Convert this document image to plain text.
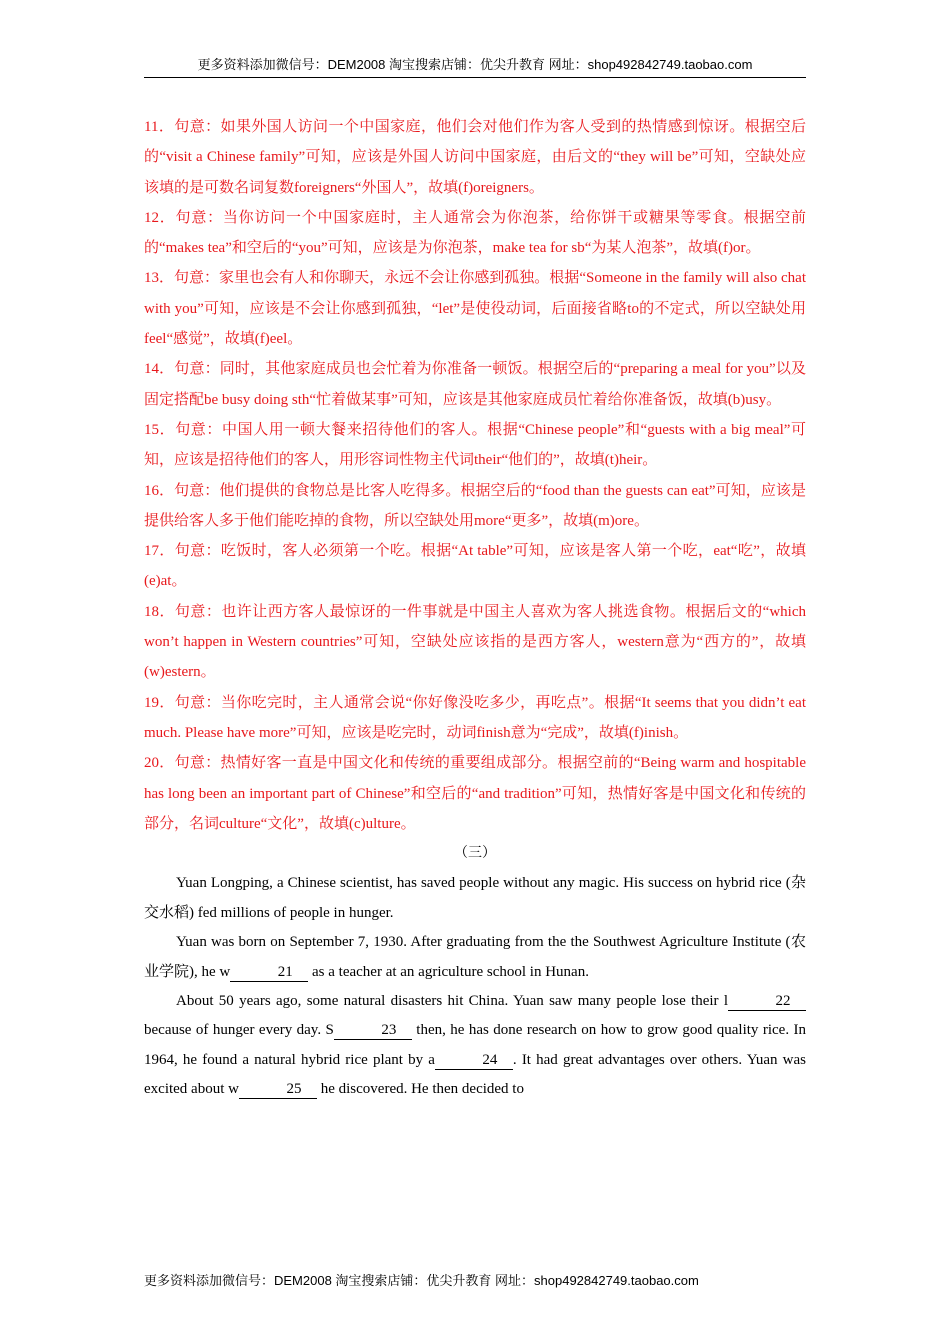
更多资料添加微信号：DEM2008 淘宝搜索店铺：优尖升教育 网址：shop492842749.taobao.com

11．句意：如果外国人访问一个中国家庭，他们会对他们作为客人受到的热情感到惊讶。根据空后的“visit a Chinese family”可知，应该是外国人访问中国家庭，由后文的“they will be”可知，空缺处应该填的是可数名词复数foreigners“外国人”，故填(f)oreigners。

12．句意：当你访问一个中国家庭时，主人通常会为你泡茶，给你饼干或糖果等零食。根据空前的“makes tea”和空后的“you”可知，应该是为你泡茶，make tea for sb“为某人泡茶”，故填(f)or。

13．句意：家里也会有人和你聊天，永远不会让你感到孤独。根据“Someone in the family will also chat with you”可知，应该是不会让你感到孤独，“let”是使役动词，后面接省略to的不定式，所以空缺处用feel“感觉”，故填(f)eel。

14．句意：同时，其他家庭成员也会忙着为你准备一顿饭。根据空后的“preparing a meal for you”以及固定搭配be busy doing sth“忙着做某事”可知，应该是其他家庭成员忙着给你准备饭，故填(b)usy。

15．句意：中国人用一顿大餐来招待他们的客人。根据“Chinese people”和“guests with a big meal”可知，应该是招待他们的客人，用形容词性物主代词their“他们的”，故填(t)heir。

16．句意：他们提供的食物总是比客人吃得多。根据空后的“food than the guests can eat”可知，应该是提供给客人多于他们能吃掉的食物，所以空缺处用more“更多”，故填(m)ore。

17．句意：吃饭时，客人必须第一个吃。根据“At table”可知，应该是客人第一个吃，eat“吃”，故填(e)at。

18．句意：也许让西方客人最惊讶的一件事就是中国主人喜欢为客人挑选食物。根据后文的“which won’t happen in Western countries”可知，空缺处应该指的是西方客人，western意为“西方的”，故填(w)estern。

19．句意：当你吃完时，主人通常会说“你好像没吃多少，再吃点”。根据“It seems that you didn’t eat much. Please have more”可知，应该是吃完时，动词finish意为“完成”，故填(f)inish。

20．句意：热情好客一直是中国文化和传统的重要组成部分。根据空前的“Being warm and hospitable has long been an important part of Chinese”和空后的“and tradition”可知，热情好客是中国文化和传统的部分，名词culture“文化”，故填(c)ulture。

（三）

Yuan Longping, a Chinese scientist, has saved people without any magic. His success on hybrid rice (杂交水稻) fed millions of people in hunger.

Yuan was born on September 7, 1930. After graduating from the the Southwest Agriculture Institute (农业学院), he w	21 as a teacher at an agriculture school in Hunan.

About 50 years ago, some natural disasters hit China. Yuan saw many people lose their l	22 because of hunger every day. S	23 then, he has done research on how to grow good quality rice. In 1964, he found a natural hybrid rice plant by a	24 . It had great advantages over others. Yuan was excited about w	25 he discovered. He then decided to

更多资料添加微信号：DEM2008 淘宝搜索店铺：优尖升教育 网址：shop492842749.taobao.com
